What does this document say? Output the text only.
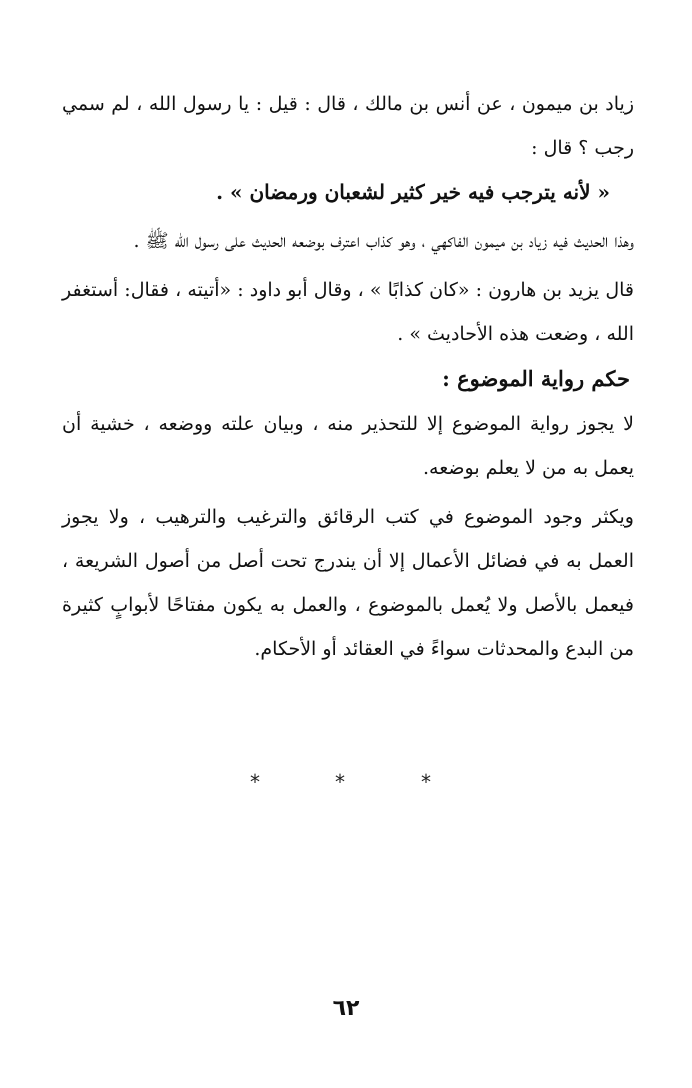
زياد بن ميمون ، عن أنس بن مالك ، قال : قيل : يا رسول الله ، لم سمي رجب ؟ قال :

« لأنه يترجب فيه خير كثير لشعبان ورمضان » .

وهذا الحديث فيه زياد بن ميمون الفاكهي ، وهو كذاب اعترف بوضعه الحديث على رسول الله ﷺ .

قال يزيد بن هارون : «كان كذابًا » ، وقال أبو داود : «أتيته ، فقال: أستغفر الله ، وضعت هذه الأحاديث » .

حكم رواية الموضوع :

لا يجوز رواية الموضوع إلا للتحذير منه ، وبيان علته ووضعه ، خشية أن يعمل به من لا يعلم بوضعه.

ويكثر وجود الموضوع في كتب الرقائق والترغيب والترهيب ، ولا يجوز العمل به في فضائل الأعمال إلا أن يندرج تحت أصل من أصول الشريعة ، فيعمل بالأصل ولا يُعمل بالموضوع ، والعمل به يكون مفتاحًا لأبوابٍ كثيرة من البدع والمحدثات سواءً في العقائد أو الأحكام.

*	*	*
٦٢
